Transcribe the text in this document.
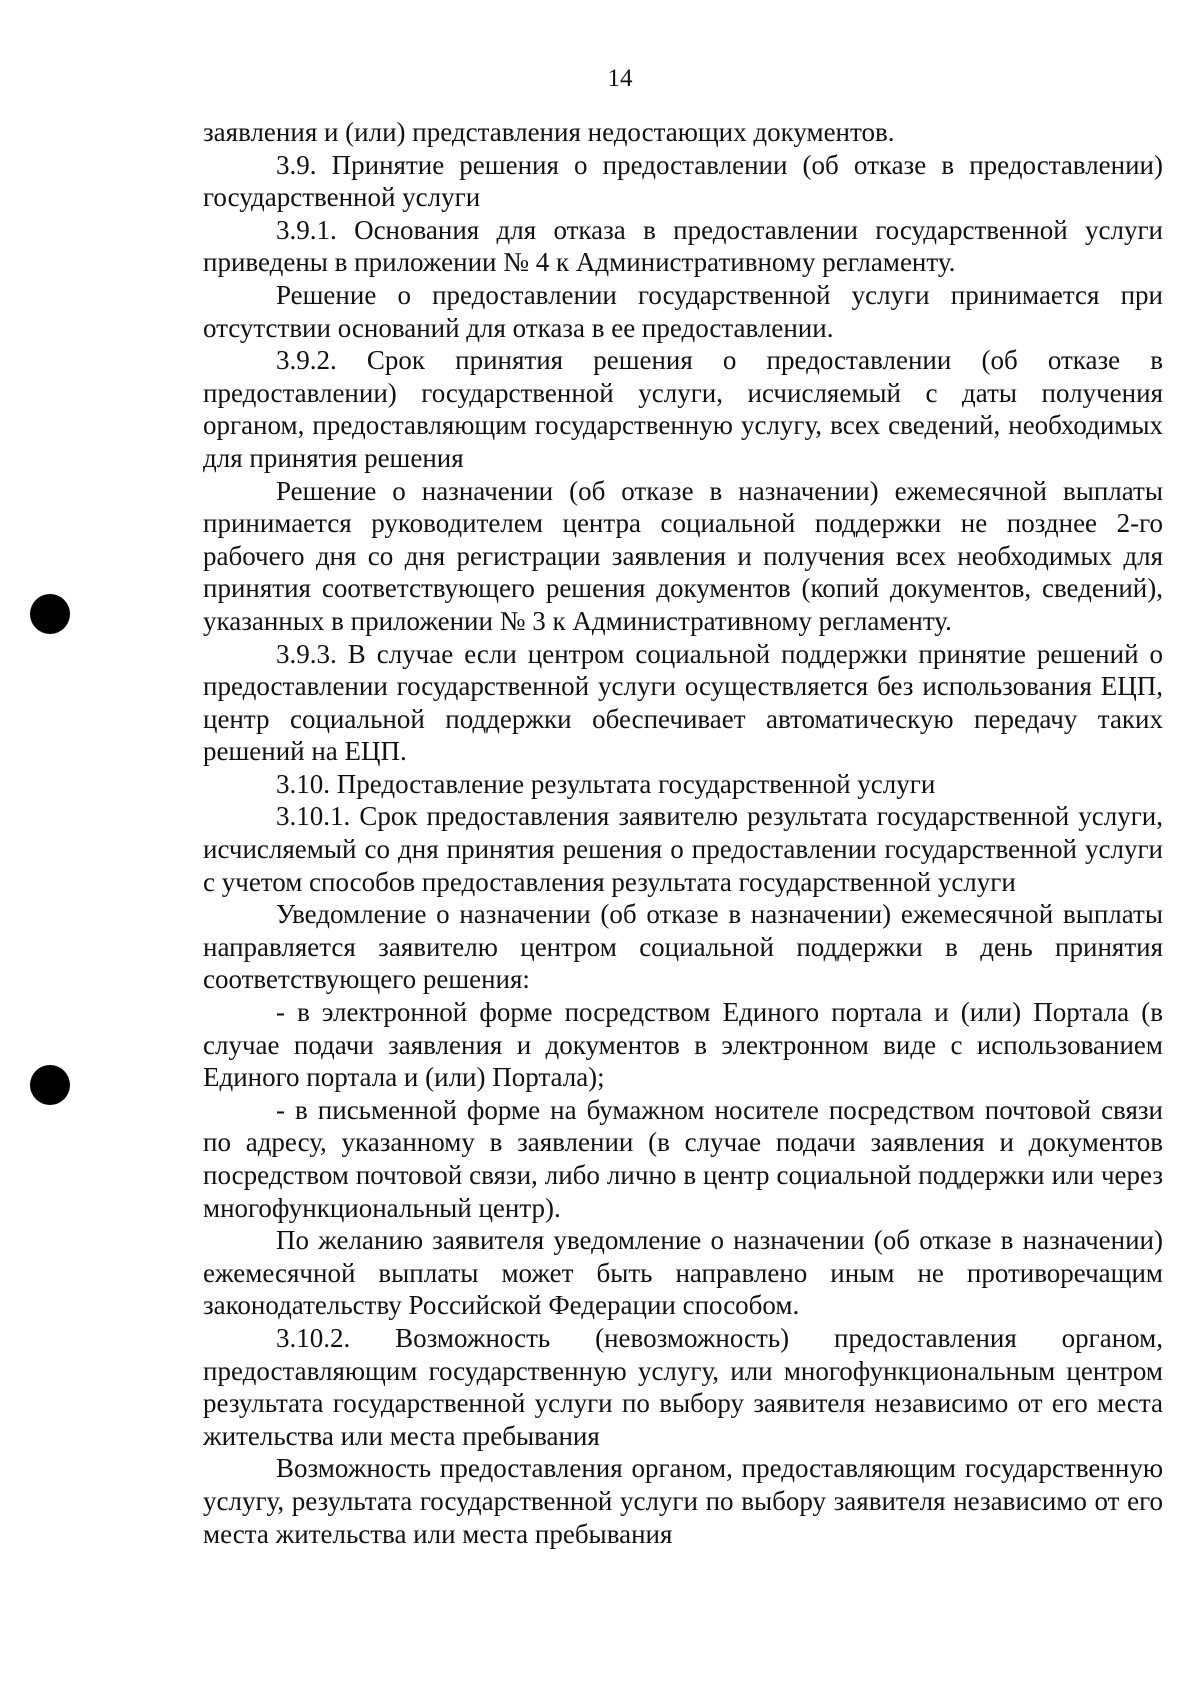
14

заявления и (или) представления недостающих документов.

3.9. Принятие решения о предоставлении (об отказе в предоставлении) государственной услуги

3.9.1. Основания для отказа в предоставлении государственной услуги приведены в приложении № 4 к Административному регламенту.

Решение о предоставлении государственной услуги принимается при отсутствии оснований для отказа в ее предоставлении.

3.9.2. Срок принятия решения о предоставлении (об отказе в предоставлении) государственной услуги, исчисляемый с даты получения органом, предоставляющим государственную услугу, всех сведений, необходимых для принятия решения

Решение о назначении (об отказе в назначении) ежемесячной выплаты принимается руководителем центра социальной поддержки не позднее 2-го рабочего дня со дня регистрации заявления и получения всех необходимых для принятия соответствующего решения документов (копий документов, сведений), указанных в приложении № 3 к Административному регламенту.

3.9.3. В случае если центром социальной поддержки принятие решений о предоставлении государственной услуги осуществляется без использования ЕЦП, центр социальной поддержки обеспечивает автоматическую передачу таких решений на ЕЦП.

3.10. Предоставление результата государственной услуги

3.10.1. Срок предоставления заявителю результата государственной услуги, исчисляемый со дня принятия решения о предоставлении государственной услуги с учетом способов предоставления результата государственной услуги

Уведомление о назначении (об отказе в назначении) ежемесячной выплаты направляется заявителю центром социальной поддержки в день принятия соответствующего решения:

- в электронной форме посредством Единого портала и (или) Портала (в случае подачи заявления и документов в электронном виде с использованием Единого портала и (или) Портала);

- в письменной форме на бумажном носителе посредством почтовой связи по адресу, указанному в заявлении (в случае подачи заявления и документов посредством почтовой связи, либо лично в центр социальной поддержки или через многофункциональный центр).

По желанию заявителя уведомление о назначении (об отказе в назначении) ежемесячной выплаты может быть направлено иным не противоречащим законодательству Российской Федерации способом.

3.10.2. Возможность (невозможность) предоставления органом, предоставляющим государственную услугу, или многофункциональным центром результата государственной услуги по выбору заявителя независимо от его места жительства или места пребывания

Возможность предоставления органом, предоставляющим государственную услугу, результата государственной услуги по выбору заявителя независимо от его места жительства или места пребывания
